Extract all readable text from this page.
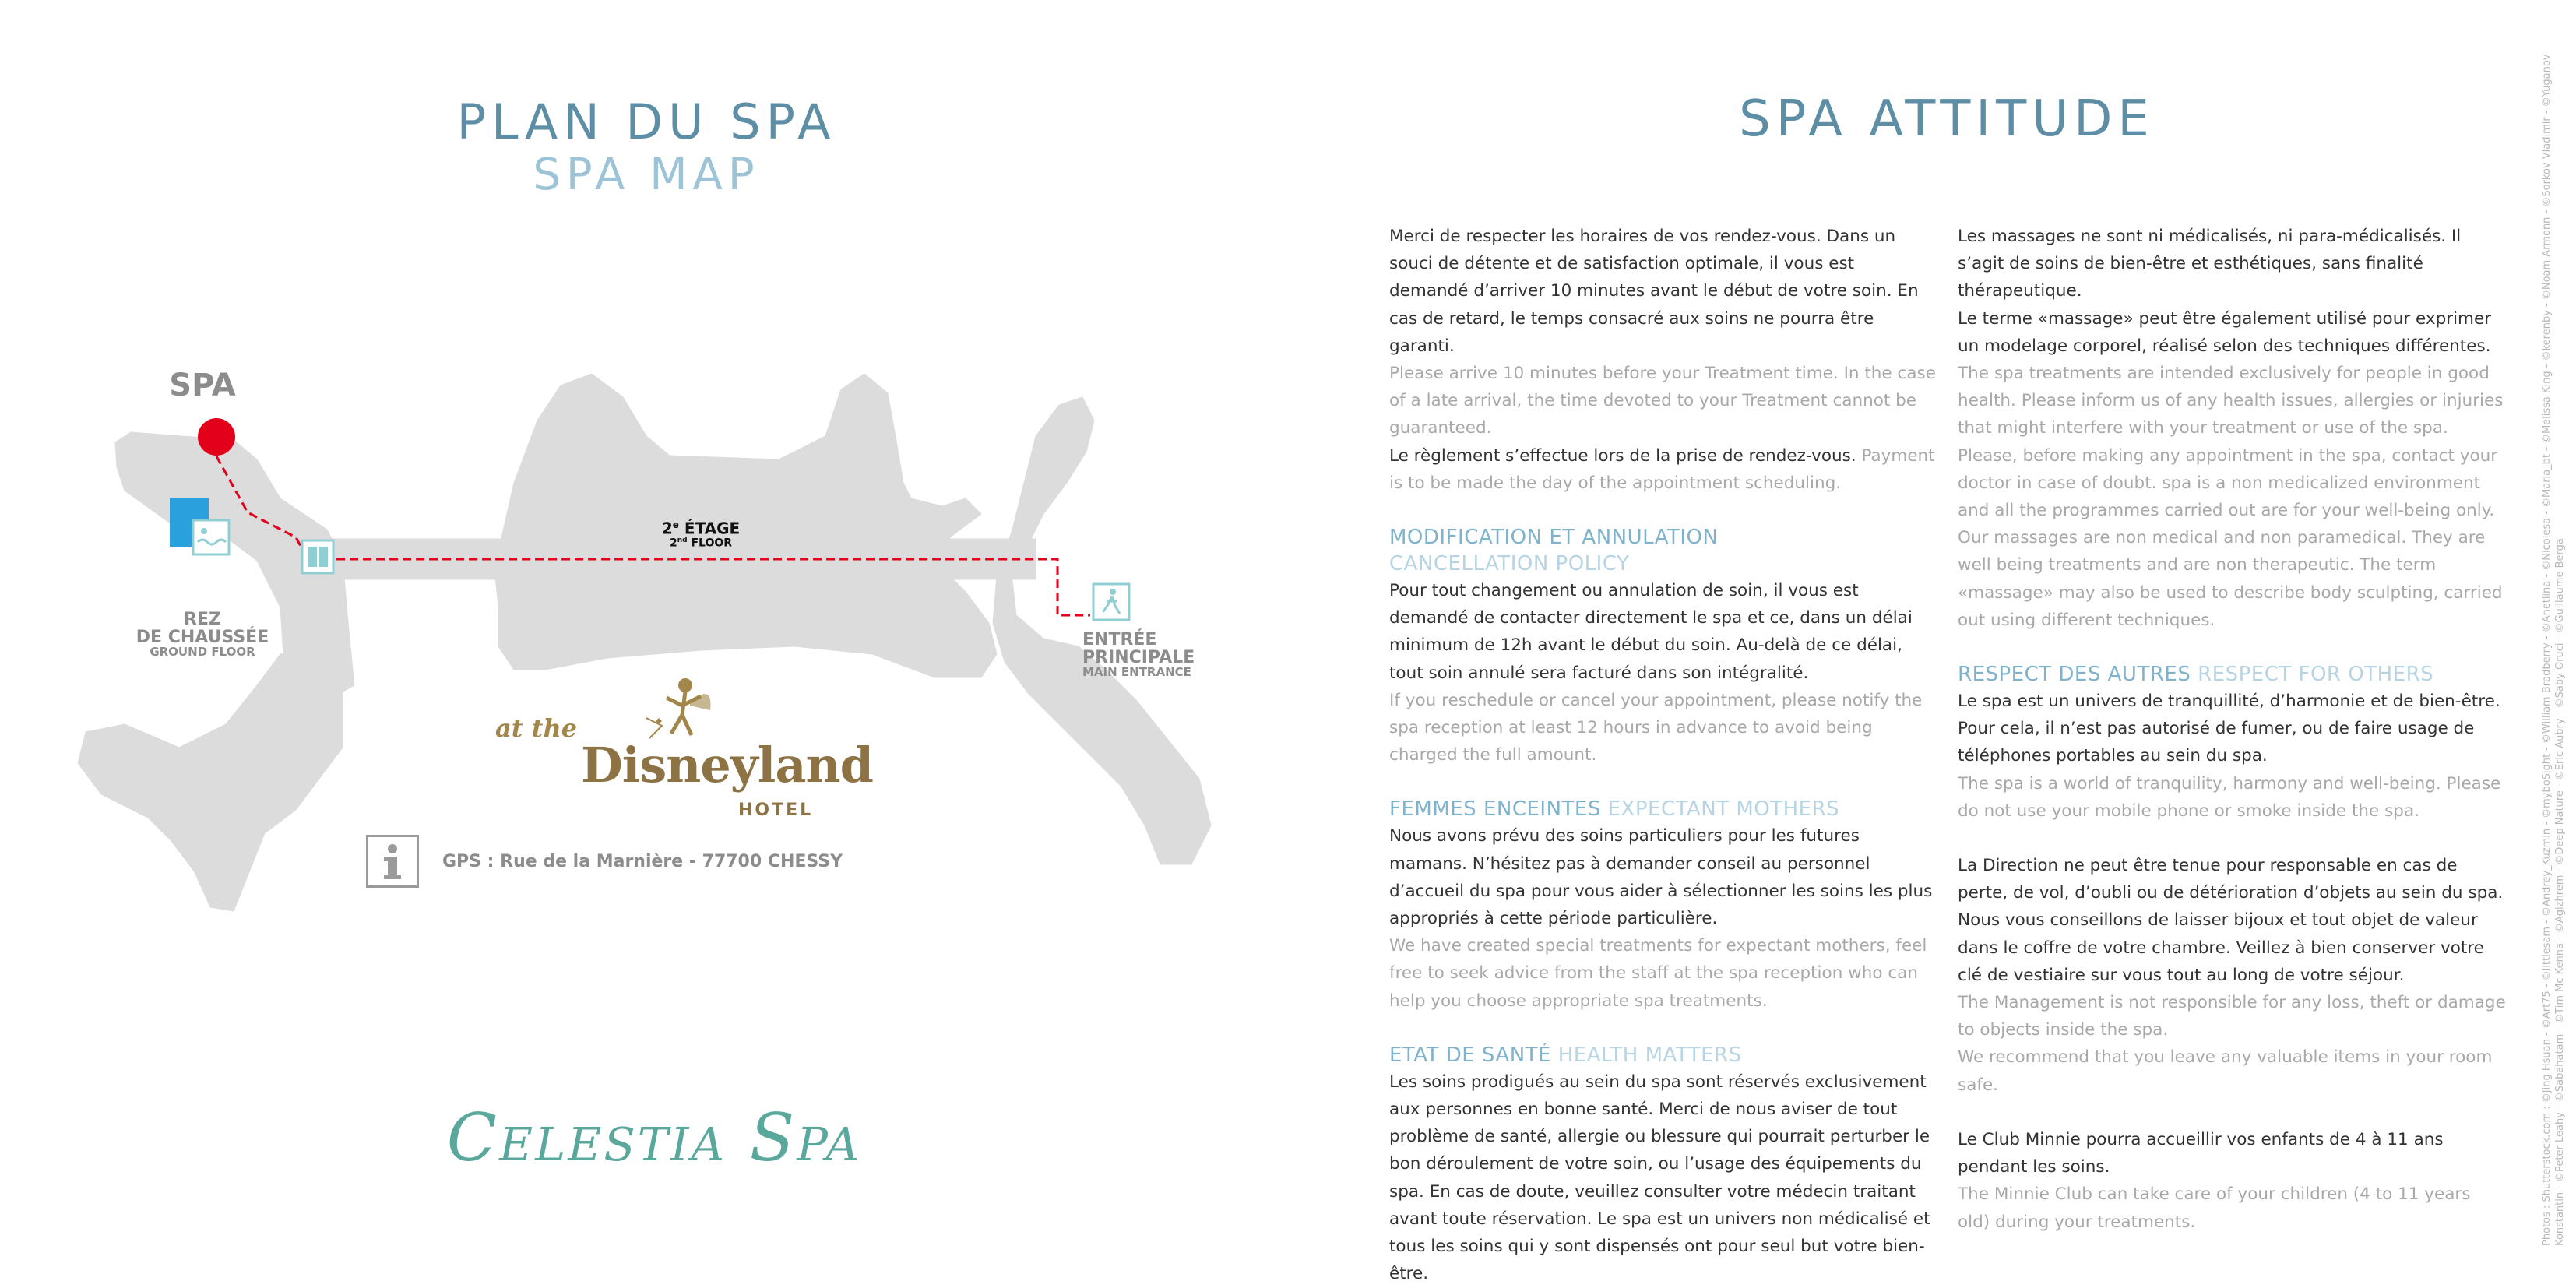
PLAN DU SPA
SPA MAP
SPA
2e ÉTAGE
2nd FLOOR
REZ
DE CHAUSSÉE
GROUND FLOOR
ENTRÉE
PRINCIPALE
MAIN ENTRANCE
at the
Disneyland
HOTEL
GPS : Rue de la Marnière - 77700 CHESSY
Celestia Spa
SPA ATTITUDE

Merci de respecter les horaires de vos rendez-vous. Dans un souci de détente et de satisfaction optimale, il vous est demandé d’arriver 10 minutes avant le début de votre soin. En cas de retard, le temps consacré aux soins ne pourra être garanti.

Please arrive 10 minutes before your Treatment time. In the case of a late arrival, the time devoted to your Treatment cannot be guaranteed.

Le règlement s’effectue lors de la prise de rendez-vous. Payment is to be made the day of the appointment scheduling.

MODIFICATION ET ANNULATION
CANCELLATION POLICY

Pour tout changement ou annulation de soin, il vous est demandé de contacter directement le spa et ce, dans un délai minimum de 12h avant le début du soin. Au-delà de ce délai, tout soin annulé sera facturé dans son intégralité.

If you reschedule or cancel your appointment, please notify the spa reception at least 12 hours in advance to avoid being charged the full amount.

FEMMES ENCEINTES EXPECTANT MOTHERS

Nous avons prévu des soins particuliers pour les futures mamans. N’hésitez pas à demander conseil au personnel d’accueil du spa pour vous aider à sélectionner les soins les plus appropriés à cette période particulière.

We have created special treatments for expectant mothers, feel free to seek advice from the staff at the spa reception who can help you choose appropriate spa treatments.

ETAT DE SANTÉ HEALTH MATTERS

Les soins prodigués au sein du spa sont réservés exclusivement aux personnes en bonne santé. Merci de nous aviser de tout problème de santé, allergie ou blessure qui pourrait perturber le bon déroulement de votre soin, ou l’usage des équipements du spa. En cas de doute, veuillez consulter votre médecin traitant avant toute réservation. Le spa est un univers non médicalisé et tous les soins qui y sont dispensés ont pour seul but votre bien-être.

Les massages ne sont ni médicalisés, ni para-médicalisés. Il s’agit de soins de bien-être et esthétiques, sans finalité thérapeutique.

Le terme «massage» peut être également utilisé pour exprimer un modelage corporel, réalisé selon des techniques différentes.

The spa treatments are intended exclusively for people in good health. Please inform us of any health issues, allergies or injuries that might interfere with your treatment or use of the spa. Please, before making any appointment in the spa, contact your doctor in case of doubt. spa is a non medicalized environment and all the programmes carried out are for your well-being only.

Our massages are non medical and non paramedical. They are well being treatments and are non therapeutic. The term «massage» may also be used to describe body sculpting, carried out using different techniques.

RESPECT DES AUTRES RESPECT FOR OTHERS

Le spa est un univers de tranquillité, d’harmonie et de bien-être.

Pour cela, il n’est pas autorisé de fumer, ou de faire usage de téléphones portables au sein du spa.

The spa is a world of tranquility, harmony and well-being. Please do not use your mobile phone or smoke inside the spa.

La Direction ne peut être tenue pour responsable en cas de perte, de vol, d’oubli ou de détérioration d’objets au sein du spa.

Nous vous conseillons de laisser bijoux et tout objet de valeur dans le coffre de votre chambre. Veillez à bien conserver votre clé de vestiaire sur vous tout au long de votre séjour.

The Management is not responsible for any loss, theft or damage to objects inside the spa.

We recommend that you leave any valuable items in your room safe.

Le Club Minnie pourra accueillir vos enfants de 4 à 11 ans pendant les soins.

The Minnie Club can take care of your children (4 to 11 years old) during your treatments.	Photos : Shutterstock.com : ©Jing Hsuan - ©Art75 - ©littlesam - ©Andrey_Kuzmin - ©myboSight - ©William Bradberry - ©Anetlina - ©Nicolesa - ©Maria_bt - ©Melissa King - ©kerenby - ©Noam Armonn - ©Sorkov Vladimir - ©Yuganov Konstantin - ©Peter Leahy - ©Sabahatam - ©Tim Mc Kenna - ©Agizhrem - ©Deep Nature - ©Eric Aubry - ©Saby Oruci - ©Guillaume Berga
